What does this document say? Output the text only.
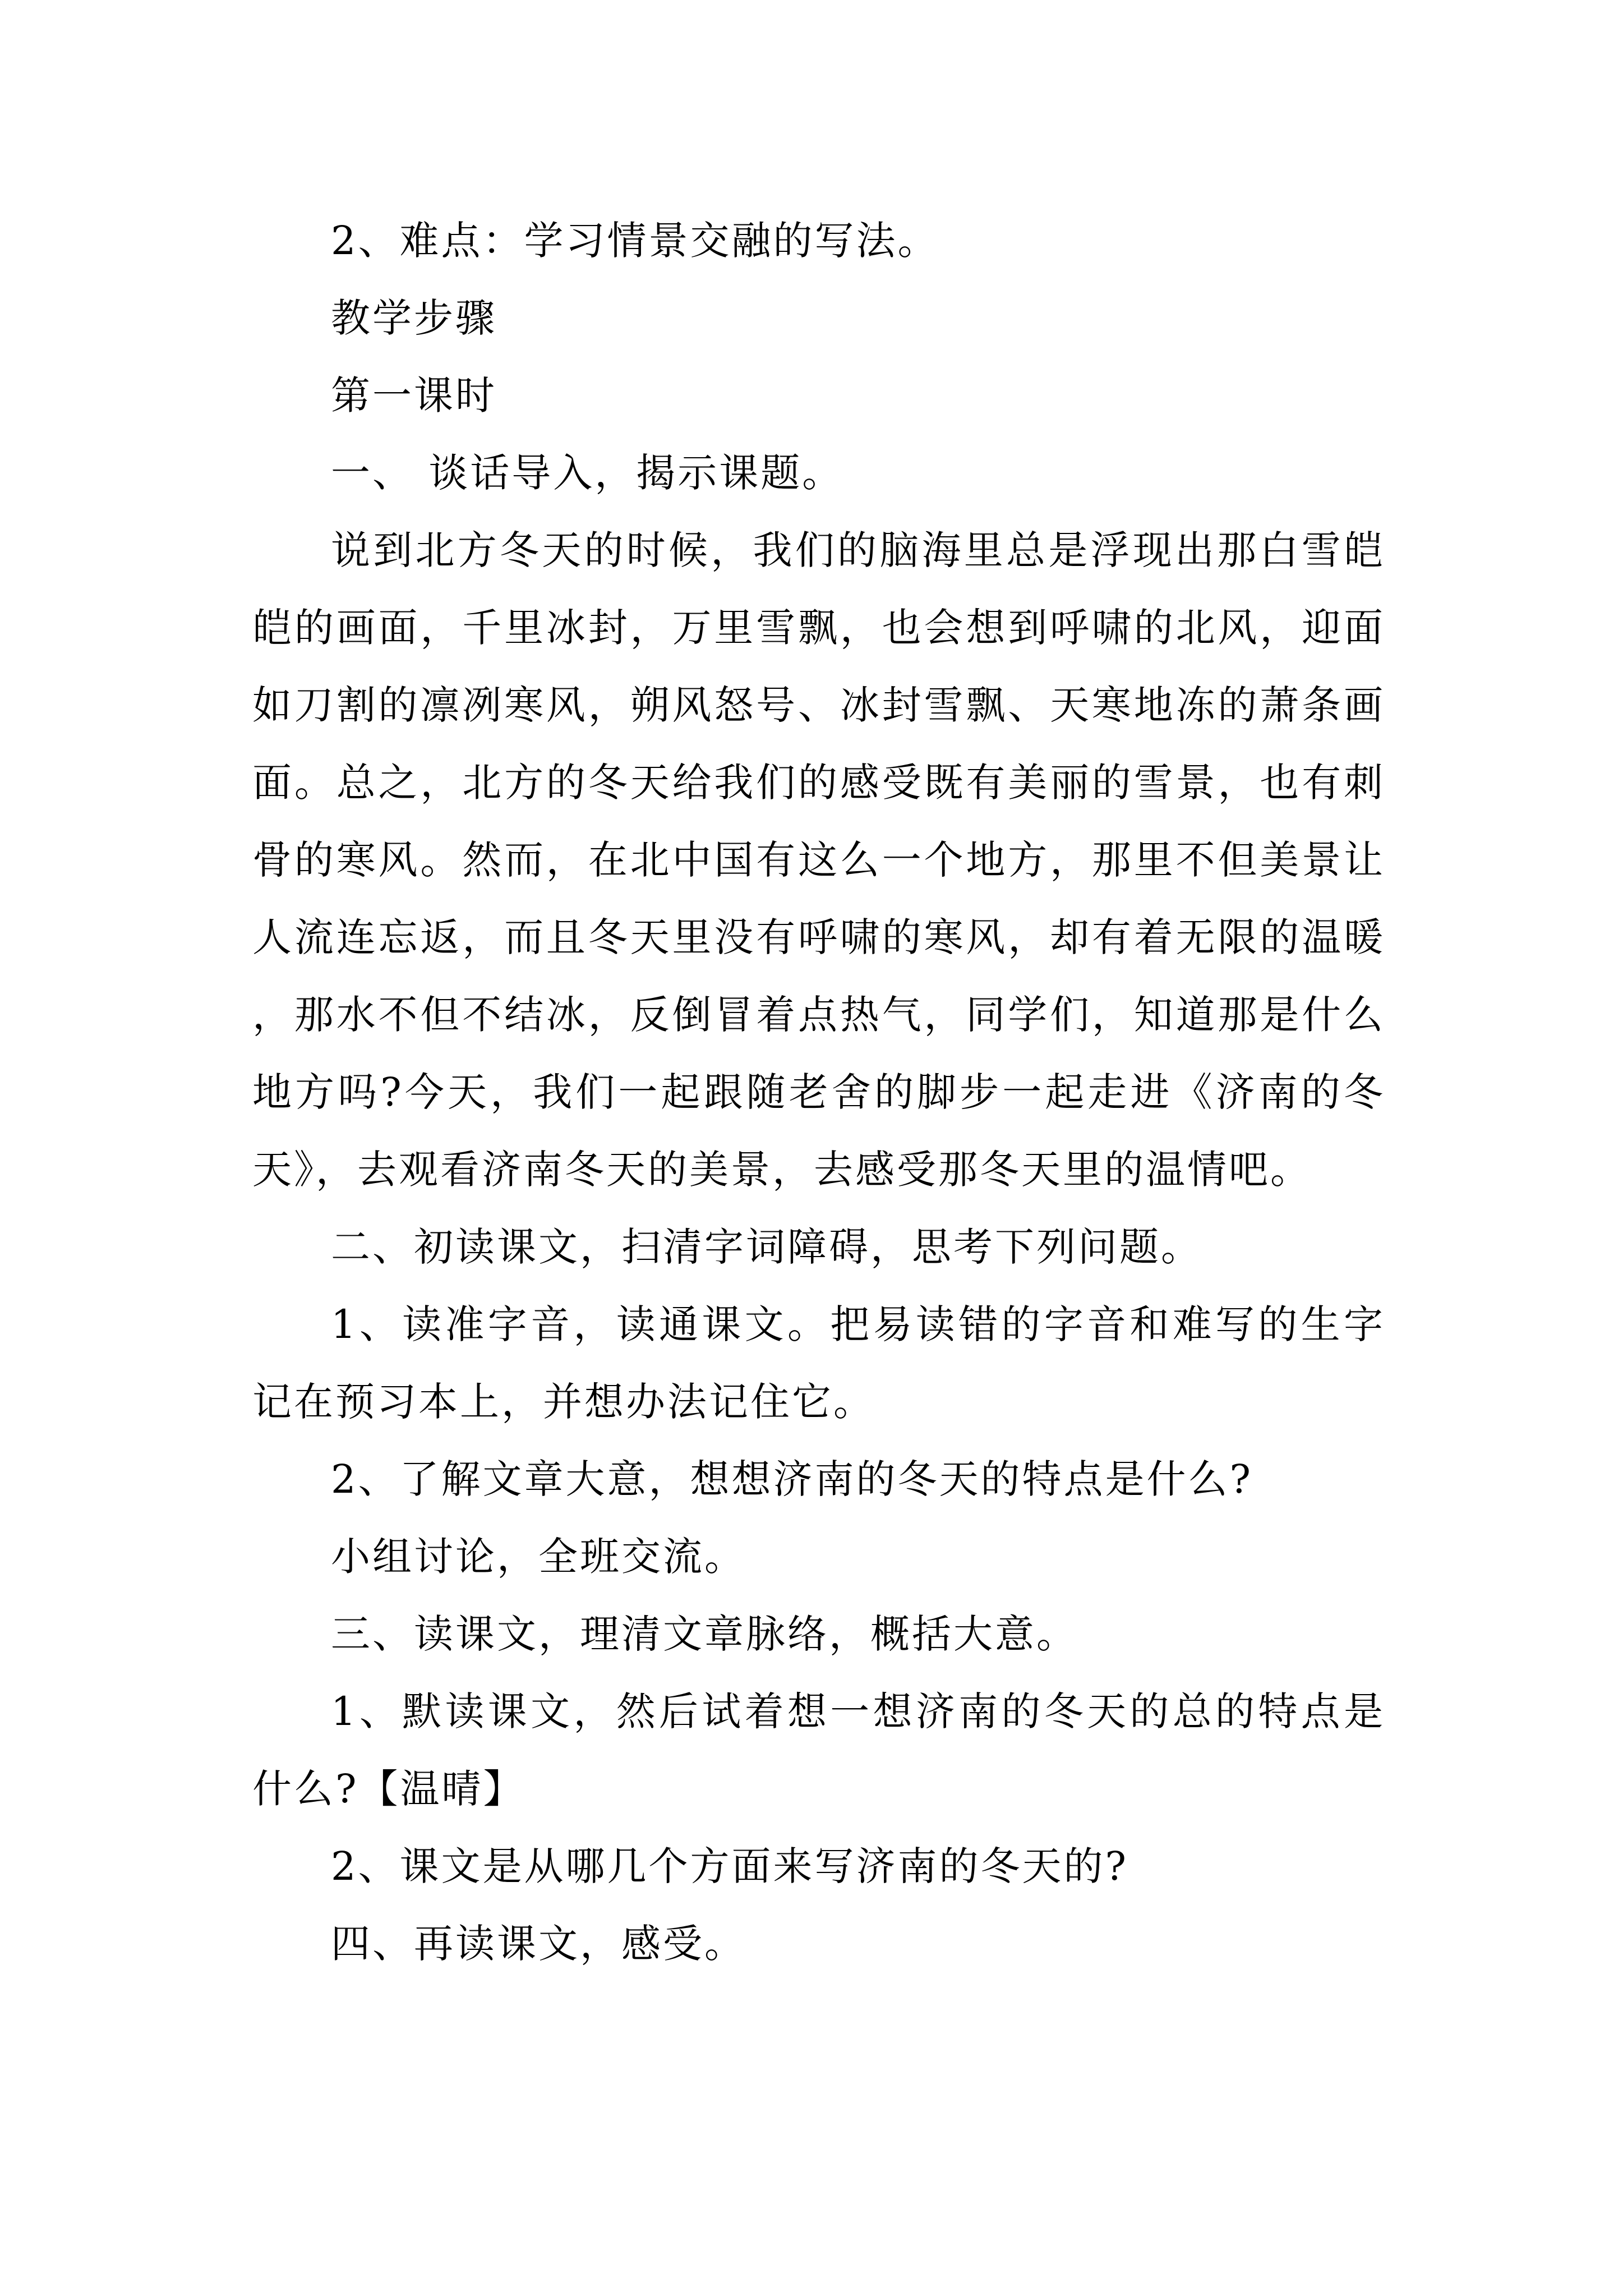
2、难点：学习情景交融的写法。

教学步骤

第一课时

一、 谈话导入，揭示课题。

说到北方冬天的时候，我们的脑海里总是浮现出那白雪皑皑的画面，千里冰封，万里雪飘，也会想到呼啸的北风，迎面如刀割的凛冽寒风，朔风怒号、冰封雪飘、天寒地冻的萧条画面。总之，北方的冬天给我们的感受既有美丽的雪景，也有刺骨的寒风。然而，在北中国有这么一个地方，那里不但美景让人流连忘返，而且冬天里没有呼啸的寒风，却有着无限的温暖，那水不但不结冰，反倒冒着点热气，同学们，知道那是什么地方吗?今天，我们一起跟随老舍的脚步一起走进《济南的冬天》，去观看济南冬天的美景，去感受那冬天里的温情吧。

二、初读课文，扫清字词障碍，思考下列问题。

1、读准字音，读通课文。把易读错的字音和难写的生字记在预习本上，并想办法记住它。

2、了解文章大意，想想济南的冬天的特点是什么?

小组讨论，全班交流。

三、读课文，理清文章脉络，概括大意。

1、默读课文，然后试着想一想济南的冬天的总的特点是什么?【温晴】

2、课文是从哪几个方面来写济南的冬天的?

四、再读课文，感受。
